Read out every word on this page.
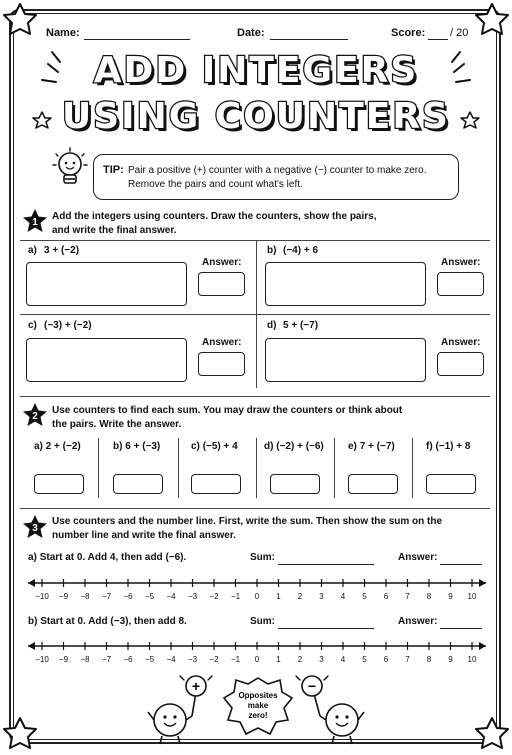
Name:	Date:	Score: / 20
ADD INTEGERS
USING COUNTERS
TIP: Pair a positive (+) counter with a negative (−) counter to make zero.
Remove the pairs and count what's left.
1
Add the integers using counters. Draw the counters, show the pairs,
and write the final answer.
a) 3 + (−2)
Answer:
b) (−4) + 6
Answer:
c) (−3) + (−2)
Answer:
d) 5 + (−7)
Answer:
2
Use counters to find each sum. You may draw the counters or think about
the pairs. Write the answer.
a) 2 + (−2)	b) 6 + (−3)	c) (−5) + 4	d) (−2) + (−6) e) 7 + (−7)	f) (−1) + 8
3
Use counters and the number line. First, write the sum. Then show the sum on the
number line and write the final answer.
a) Start at 0. Add 4, then add (−6).	Sum:	Answer:
−10	−9	−8	−7	−6	−5	−4	−3	−2	−1	0	1	2	3	4	5	6	7	8	9	10
b) Start at 0. Add (−3), then add 8.	Sum:	Answer:
−10	−9	−8	−7	−6	−5	−4	−3	−2	−1	0	1	2	3	4	5	6	7	8	9	10
+	−
Opposites
make
zero!
